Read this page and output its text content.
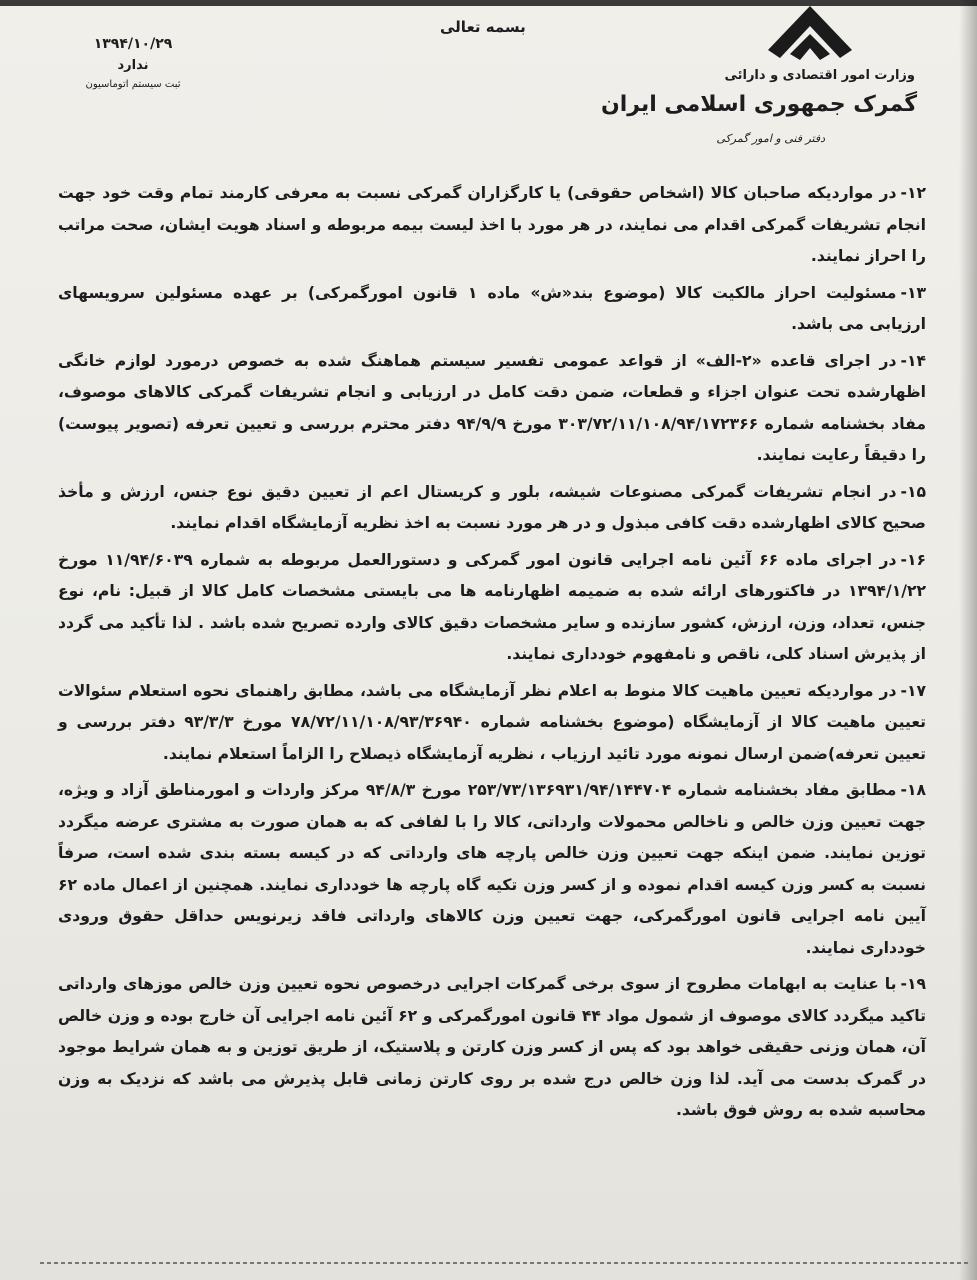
وزارت امور اقتصادی و دارائی
گمرک جمهوری اسلامی ایران
دفتر فنی و امور گمرکی
بسمه تعالی
۱۳۹۴/۱۰/۲۹
ندارد
ثبت سیستم اتوماسیون

۱۲-در مواردیکه صاحبان کالا (اشخاص حقوقی) یا کارگزاران گمرکی نسبت به معرفی کارمند تمام وقت خود جهت انجام تشریفات گمرکی اقدام می نمایند، در هر مورد با اخذ لیست بیمه مربوطه و اسناد هویت ایشان، صحت مراتب را احراز نمایند.

۱۳-مسئولیت احراز مالکیت کالا (موضوع بند«ش» ماده ۱ قانون امورگمرکی) بر عهده مسئولین سرویسهای ارزیابی می باشد.

۱۴-در اجرای قاعده «۲-الف» از قواعد عمومی تفسیر سیستم هماهنگ شده به خصوص درمورد لوازم خانگی اظهارشده تحت عنوان اجزاء و قطعات، ضمن دقت کامل در ارزیابی و انجام تشریفات گمرکی کالاهای موصوف، مفاد بخشنامه شماره ۳۰۳/۷۲/۱۱/۱۰۸/۹۴/۱۷۲۳۶۶ مورخ ۹۴/۹/۹ دفتر محترم بررسی و تعیین تعرفه (تصویر پیوست) را دقیقاً رعایت نمایند.

۱۵-در انجام تشریفات گمرکی مصنوعات شیشه، بلور و کریستال اعم از تعیین دقیق نوع جنس، ارزش و مأخذ صحیح کالای اظهارشده دقت کافی مبذول و در هر مورد نسبت به اخذ نظریه آزمایشگاه اقدام نمایند.

۱۶-در اجرای ماده ۶۶ آئین نامه اجرایی قانون امور گمرکی و دستورالعمل مربوطه به شماره ۱۱/۹۴/۶۰۳۹ مورخ ۱۳۹۴/۱/۲۲ در فاکتورهای ارائه شده به ضمیمه اظهارنامه ها می بایستی مشخصات کامل کالا از قبیل: نام، نوع جنس، تعداد، وزن، ارزش، کشور سازنده و سایر مشخصات دقیق کالای وارده تصریح شده باشد . لذا تأکید می گردد از پذیرش اسناد کلی، ناقص و نامفهوم خودداری نمایند.

۱۷-در مواردیکه تعیین ماهیت کالا منوط به اعلام نظر آزمایشگاه می باشد، مطابق راهنمای نحوه استعلام سئوالات تعیین ماهیت کالا از آزمایشگاه (موضوع بخشنامه شماره ۷۸/۷۲/۱۱/۱۰۸/۹۳/۳۶۹۴۰ مورخ ۹۳/۳/۳ دفتر بررسی و تعیین تعرفه)ضمن ارسال نمونه مورد تائید ارزیاب ، نظریه آزمایشگاه ذیصلاح را الزاماً استعلام نمایند.

۱۸-مطابق مفاد بخشنامه شماره ۲۵۳/۷۳/۱۳۶۹۳۱/۹۴/۱۴۴۷۰۴ مورخ ۹۴/۸/۳ مرکز واردات و امورمناطق آزاد و ویژه، جهت تعیین وزن خالص و ناخالص محمولات وارداتی، کالا را با لفافی که به همان صورت به مشتری عرضه میگردد توزین نمایند. ضمن اینکه جهت تعیین وزن خالص پارچه های وارداتی که در کیسه بسته بندی شده است، صرفاً نسبت به کسر وزن کیسه اقدام نموده و از کسر وزن تکیه گاه پارچه ها خودداری نمایند. همچنین از اعمال ماده ۶۲ آیین نامه اجرایی قانون امورگمرکی، جهت تعیین وزن کالاهای وارداتی فاقد زیرنویس حداقل حقوق ورودی خودداری نمایند.

۱۹-با عنایت به ابهامات مطروح از سوی برخی گمرکات اجرایی درخصوص نحوه تعیین وزن خالص موزهای وارداتی تاکید میگردد کالای موصوف از شمول مواد ۴۴ قانون امورگمرکی و ۶۲ آئین نامه اجرایی آن خارج بوده و وزن خالص آن، همان وزنی حقیقی خواهد بود که پس از کسر وزن کارتن و پلاستیک، از طریق توزین و به همان شرایط موجود در گمرک بدست می آید. لذا وزن خالص درج شده بر روی کارتن زمانی قابل پذیرش می باشد که نزدیک به وزن محاسبه شده به روش فوق باشد.
